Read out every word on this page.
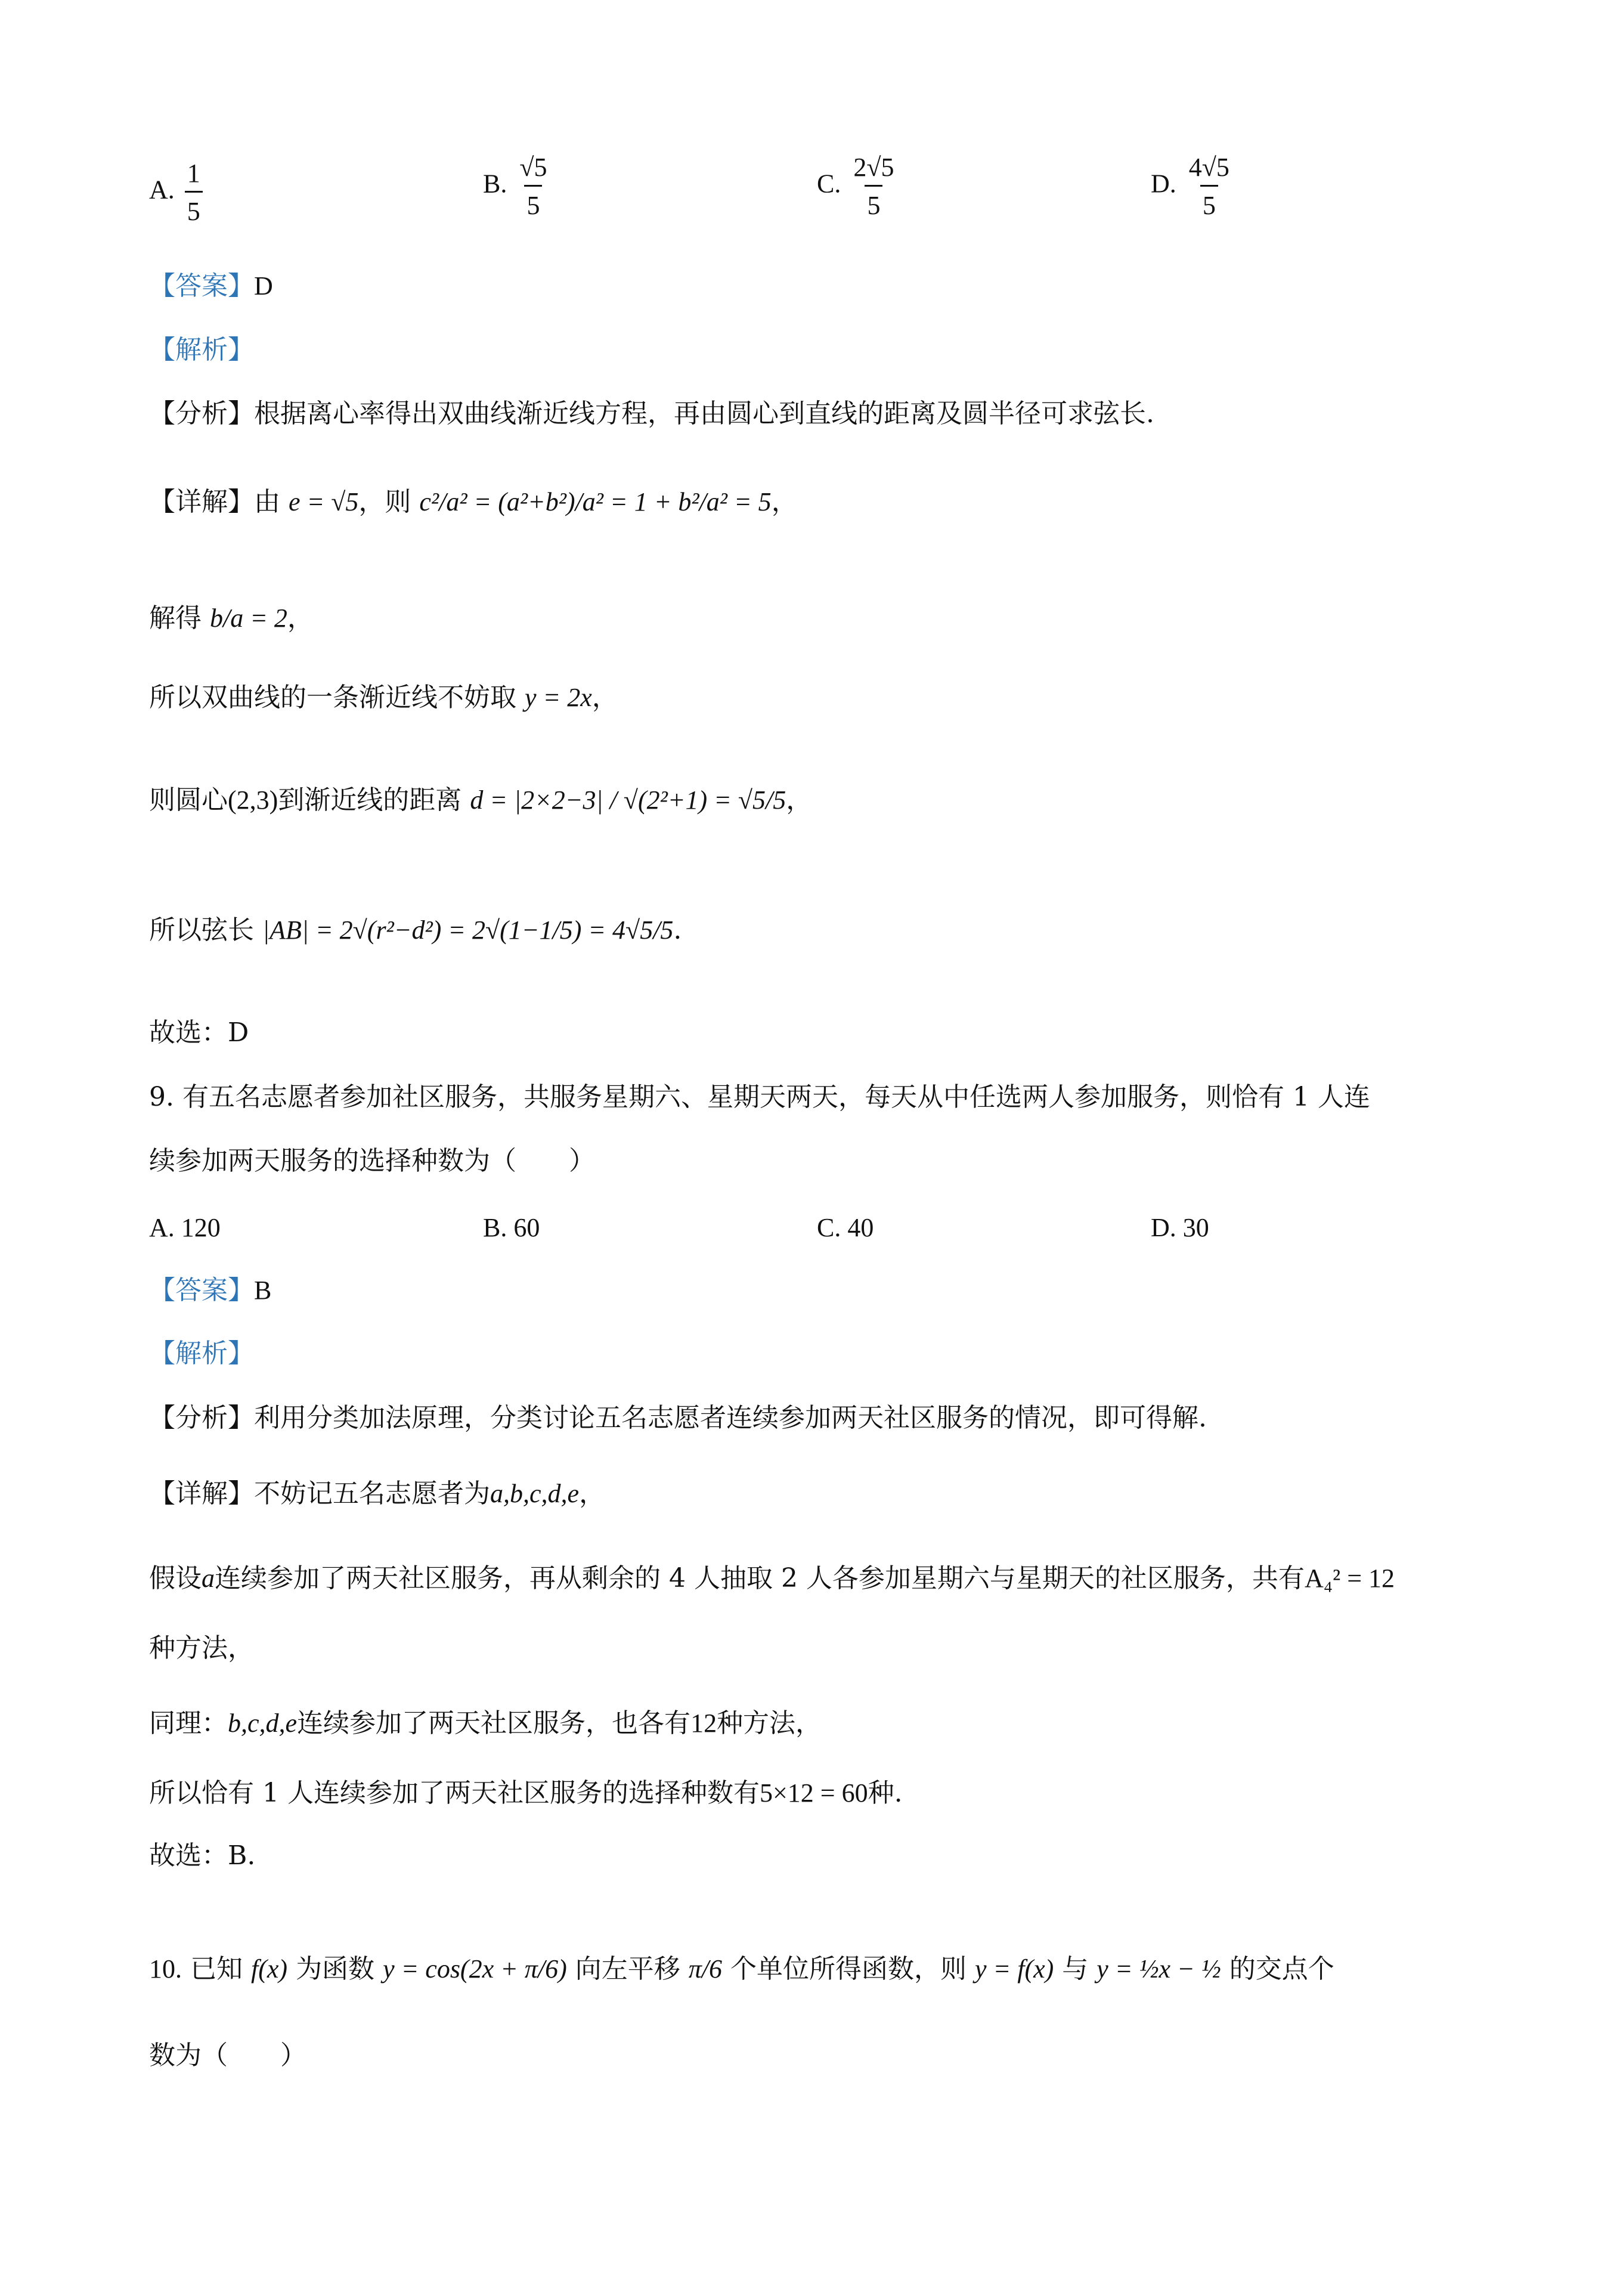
A. $\frac{1}{5}$	B. $\frac{√5}{5}$	C. $\frac{2√5}{5}$	D. $\frac{4√5}{5}$
【答案】D
【解析】
【分析】根据离心率得出双曲线渐近线方程，再由圆心到直线的距离及圆半径可求弦长.
【详解】由 e = √5，则 c²/a² = (a²+b²)/a² = 1 + b²/a² = 5，
解得 b/a = 2，
所以双曲线的一条渐近线不妨取 y = 2x，
则圆心(2,3)到渐近线的距离 d = |2×2−3| / √(2²+1) = √5/5，
所以弦长 |AB| = 2√(r²−d²) = 2√(1−1/5) = 4√5/5.
故选：D
9. 有五名志愿者参加社区服务，共服务星期六、星期天两天，每天从中任选两人参加服务，则恰有 1 人连
续参加两天服务的选择种数为（　　）
A. 120	B. 60	C. 40	D. 30
【答案】B
【解析】
【分析】利用分类加法原理，分类讨论五名志愿者连续参加两天社区服务的情况，即可得解.
【详解】不妨记五名志愿者为a,b,c,d,e，
假设a连续参加了两天社区服务，再从剩余的 4 人抽取 2 人各参加星期六与星期天的社区服务，共有A₄² = 12
种方法，
同理：b,c,d,e连续参加了两天社区服务，也各有12种方法，
所以恰有 1 人连续参加了两天社区服务的选择种数有5×12 = 60种.
故选：B.
10. 已知 f(x) 为函数 y = cos(2x + π/6) 向左平移 π/6 个单位所得函数，则 y = f(x) 与 y = ½x − ½ 的交点个
数为（　　）
